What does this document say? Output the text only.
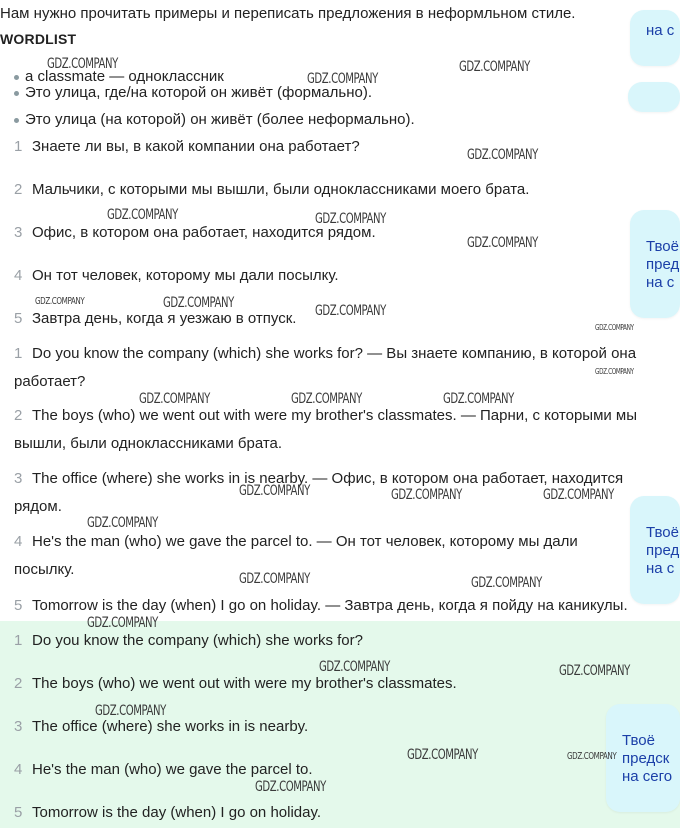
Нам нужно прочитать примеры и переписать предложения в неформльном стиле.
WORDLIST
a classmate — одноклассник
Это улица, где/на которой он живёт (формально).
Это улица (на которой) он живёт (более неформально).
1 Знаете ли вы, в какой компании она работает?
2 Мальчики, с которыми мы вышли, были одноклассниками моего брата.
3 Офис, в котором она работает, находится рядом.
4 Он тот человек, которому мы дали посылку.
5 Завтра день, когда я уезжаю в отпуск.
1 Do you know the company (which) she works for? — Вы знаете компанию, в которой она работает?
2 The boys (who) we went out with were my brother's classmates. — Парни, с которыми мы вышли, были одноклассниками брата.
3 The office (where) she works in is nearby. — Офис, в котором она работает, находится рядом.
4 He's the man (who) we gave the parcel to. — Он тот человек, которому мы дали посылку.
5 Tomorrow is the day (when) I go on holiday. — Завтра день, когда я пойду на каникулы.
1 Do you know the company (which) she works for?
2 The boys (who) we went out with were my brother's classmates.
3 The office (where) she works in is nearby.
4 He's the man (who) we gave the parcel to.
5 Tomorrow is the day (when) I go on holiday.
на с
Твоё
пред
на с
Твоё
пред
на с
Твоё
предск
на сего
GDZ.COMPANY
GDZ.COMPANY
GDZ.COMPANY
GDZ.COMPANY
GDZ.COMPANY	GDZ.COMPANY
GDZ.COMPANY
GDZ.COMPANY	GDZ.COMPANY	GDZ.COMPANY
GDZ.COMPANY
GDZ.COMPANY
GDZ.COMPANY	GDZ.COMPANY	GDZ.COMPANY
GDZ.COMPANY	GDZ.COMPANY	GDZ.COMPANY
GDZ.COMPANY
GDZ.COMPANY	GDZ.COMPANY
GDZ.COMPANY
GDZ.COMPANY	GDZ.COMPANY
GDZ.COMPANY
GDZ.COMPANY	GDZ.COMPANY
GDZ.COMPANY
